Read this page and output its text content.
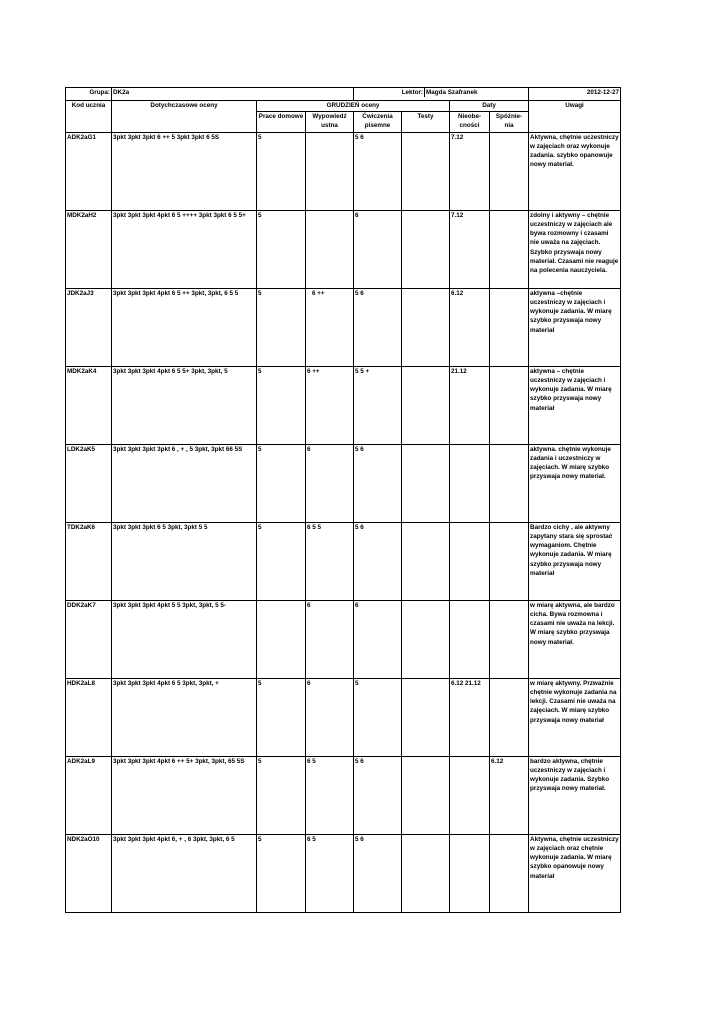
Grupa:	DK2a			Lektor: Magda Szafranek				2012-12-27
Kod ucznia	Dotychczasowe oceny	GRUDZIEŃ oceny				Daty		Uwagi
		Prace domowe	Wypowiedź ustna	Ćwiczenia pisemne	Testy	Nieobe- cności	Spóźnie- nia	
ADK2aG1	3pkt 3pkt 3pkt 6 ++ 5 3pkt 3pkt 6 5S	5		5 6		7.12		Aktywna, chętnie uczestniczy w zajęciach oraz wykonuje zadania. szybko opanowuje nowy materiał.
MDK2aH2	3pkt 3pkt 3pkt 4pkt 6 5 ++++ 3pkt 3pkt 6 5 5+	5		6		7.12		zdolny i aktywny – chętnie uczestniczy w zajęciach ale bywa rozmowny i czasami nie uważa na zajęciach. Szybko przyswaja nowy materiał. Czasami nie reaguje na polecenia nauczyciela.
JDK2aJ3	3pkt 3pkt 3pkt 4pkt 6 5 ++ 3pkt, 3pkt, 6 5 5	5	6 ++	5 6		6.12		aktywna –chętnie uczestniczy w zajęciach i wykonuje zadania. W miarę szybko przyswaja nowy materiał
MDK2aK4	3pkt 3pkt 3pkt 4pkt 6 5 5+ 3pkt, 3pkt, 5	5	6 ++	5 5 +		21.12		aktywna – chętnie uczestniczy w zajęciach i wykonuje zadania. W miarę szybko przyswaja nowy materiał
LDK2aK5	3pkt 3pkt 3pkt 3pkt 6 , + , 5 3pkt, 3pkt 66 5S	5	6	5 6				aktywna. chętnie wykonuje zadania i uczestniczy w zajęciach. W miarę szybko przyswaja nowy materiał.
TDK2aK6	3pkt 3pkt 3pkt 6 5 3pkt, 3pkt 5 5	5	6 5 5	5 6				Bardzo cichy , ale aktywny zapytany stara się sprostać wymaganiom. Chętnie wykonuje zadania. W miarę szybko przyswaja nowy materiał
DDK2aK7	3pkt 3pkt 3pkt 4pkt 5 5 3pkt, 3pkt, 5 5-		6	6				w miarę aktywna, ale bardzo cicha. Bywa rozmowna i czasami nie uważa na lekcji. W miarę szybko przyswaja nowy materiał.
HDK2aL8	3pkt 3pkt 3pkt 4pkt 6 5 3pkt, 3pkt, +	5	6	5		6.12 21.12		w miarę aktywny. Przważnie chętnie wykonuje zadania na lekcji. Czasami nie uważa na zajęciach. W miarę szybko przyswaja nowy materiał
ADK2aL9	3pkt 3pkt 3pkt 4pkt 6 ++ 5+ 3pkt, 3pkt, 65 5S	5	6 5	5 6			6.12	bardzo aktywna, chętnie uczestniczy w zajęciach i wykonuje zadania. Szybko przyswaja nowy materiał.
NDK2aO10	3pkt 3pkt 3pkt 4pkt 6, + , 6 3pkt, 3pkt, 6 5	5	6 5	5 6				Aktywna, chętnie uczestniczy w zajęciach oraz chętnie wykonuje zadania. W miarę szybko opanowuje nowy materiał
